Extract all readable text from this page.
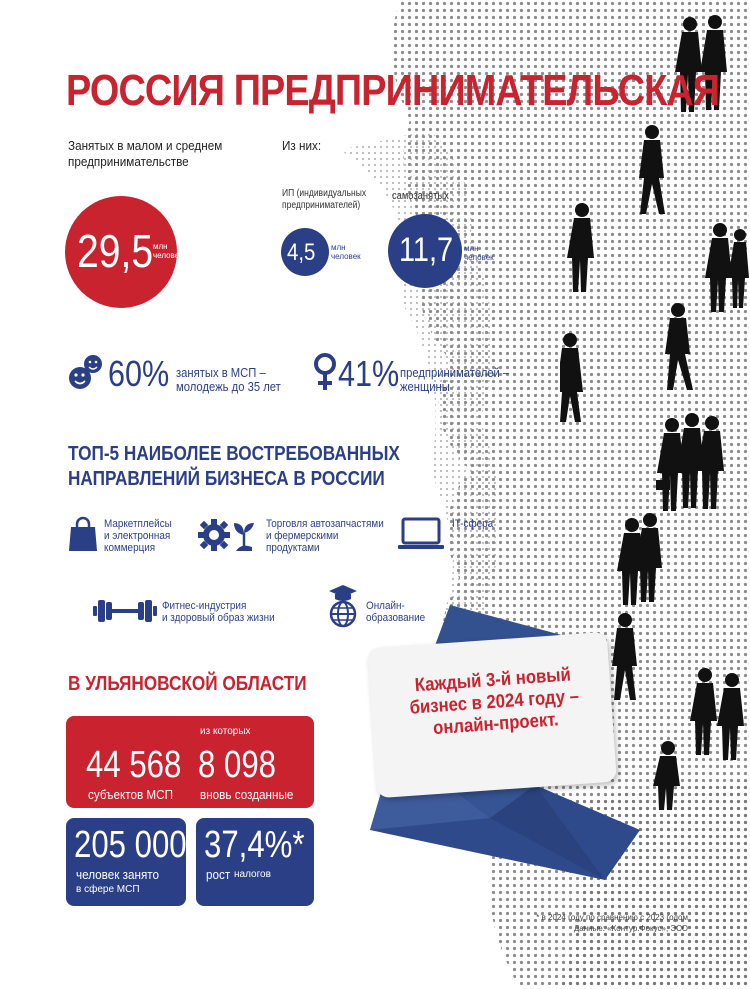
РОССИЯ ПРЕДПРИНИМАТЕЛЬСКАЯ
Занятых в малом и среднем
предпринимательстве
29,5 млн
человек
Из них:
ИП (индивидуальных
предпринимателей)
самозанятых
4,5 млн
человек 11,7 млн
человек
60% занятых в МСП –
молодежь до 35 лет 41% предпринимателей –
женщины
ТОП-5 НАИБОЛЕЕ ВОСТРЕБОВАННЫХ
НАПРАВЛЕНИЙ БИЗНЕСА В РОССИИ
Маркетплейсы
и электронная
коммерция
Торговля автозапчастями
и фермерскими
продуктами
IT-сфера
Фитнес-индустрия
и здоровый образ жизни
Онлайн-
образование
В УЛЬЯНОВСКОЙ ОБЛАСТИ
44 568
субъектов МСП
из которых
8 098
вновь созданные
205 000
человек занято
в сфере МСП
37,4%*
рост налогов
Каждый 3-й новый
бизнес в 2024 году –
онлайн-проект.
* в 2024 году по сравнению с 2023 годом
Данные: «Контур.Фокус», ЭСО
